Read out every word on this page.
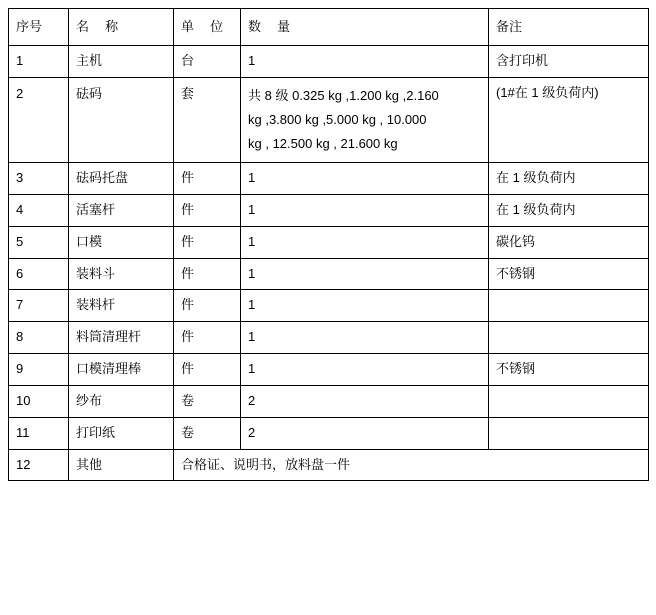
序号	名　称	单　位	数　量	备注
1	主机	台	1	含打印机
2	砝码	套	共 8 级 0.325 kg ,1.200 kg ,2.160
kg ,3.800 kg ,5.000 kg , 10.000
kg , 12.500 kg , 21.600 kg	(1#在 1 级负荷内)
3	砝码托盘	件	1	在 1 级负荷内
4	活塞杆	件	1	在 1 级负荷内
5	口模	件	1	碳化钨
6	装料斗	件	1	不锈钢
7	装料杆	件	1	
8	料筒清理杆	件	1	
9	口模清理棒	件	1	不锈钢
10	纱布	卷	2	
11	打印纸	卷	2	
12	其他	合格证、说明书，放料盘一件		
